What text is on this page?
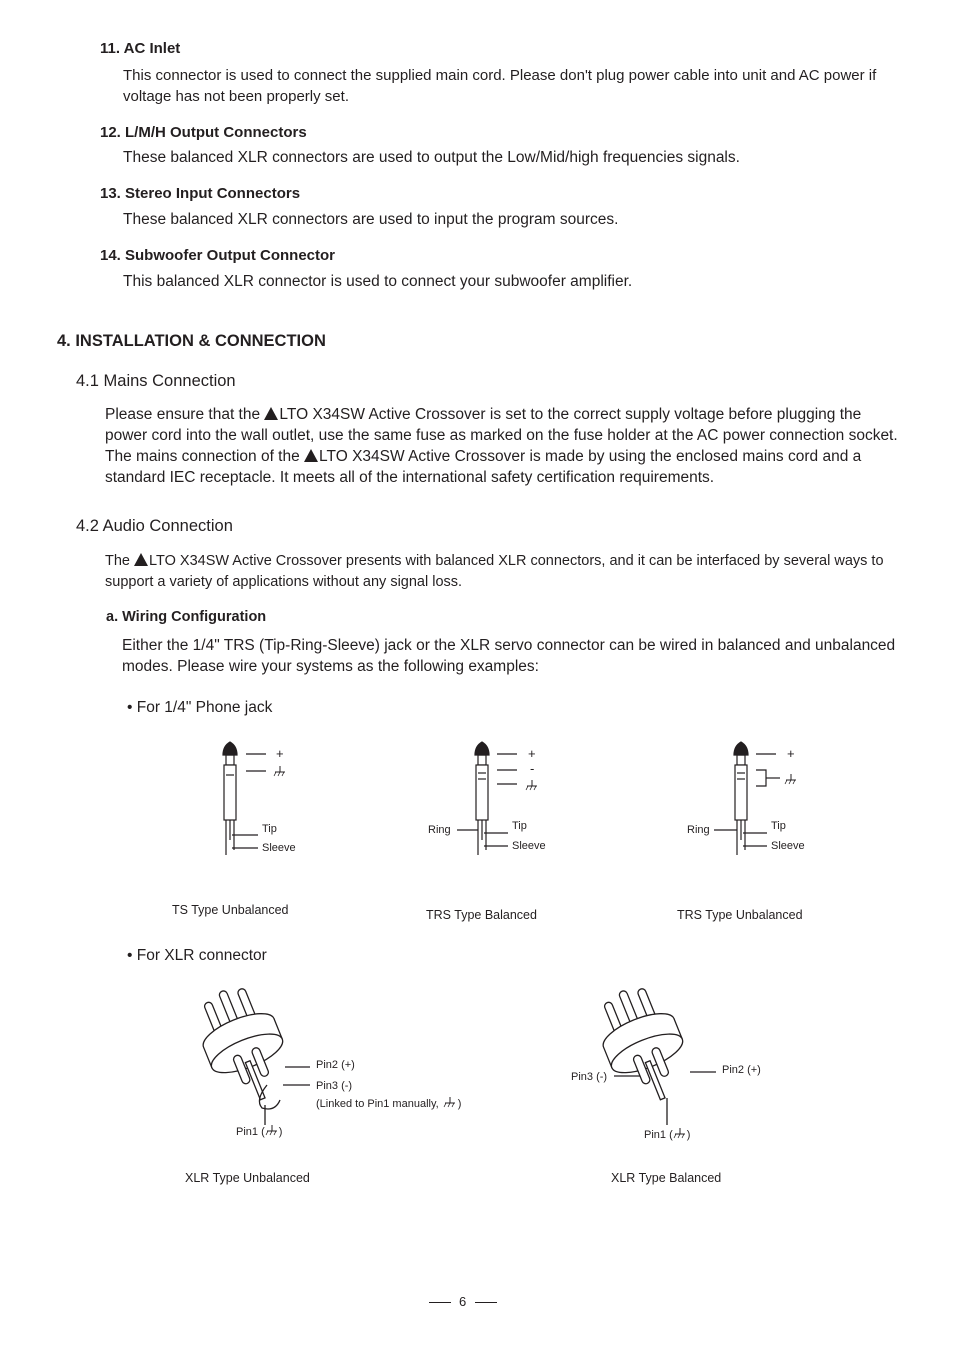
11. AC Inlet
This connector is used to connect the supplied main cord. Please don't plug power cable into unit and AC power if voltage has not been properly set.
12. L/M/H Output Connectors
These balanced XLR connectors are used to output the Low/Mid/high frequencies signals.
13. Stereo Input Connectors
These balanced XLR connectors are used to input the program sources.
14. Subwoofer Output Connector
This balanced XLR connector is used to connect your subwoofer amplifier.
4. INSTALLATION & CONNECTION
4.1 Mains Connection
Please ensure that the LTO X34SW Active Crossover is set to the correct supply voltage before plugging the power cord into the wall outlet, use the same fuse as marked on the fuse holder at the AC power connection socket. The mains connection of the LTO X34SW Active Crossover is made by using the enclosed mains cord and a standard IEC receptacle. It meets all of the international safety certification requirements.
4.2 Audio Connection
The LTO X34SW Active Crossover presents with balanced XLR connectors, and it can be interfaced by several ways to support a variety of applications without any signal loss.
a. Wiring Configuration
Either the 1/4" TRS (Tip-Ring-Sleeve) jack or the XLR servo connector can be wired in balanced and unbalanced modes. Please wire your systems as the following examples:
• For 1/4" Phone jack
+
Tip
Sleeve
TS Type Unbalanced
+
-
Ring	Tip
Sleeve
TRS Type Balanced
+
Ring	Tip
Sleeve
TRS Type Unbalanced
• For XLR connector
Pin2 (+)
Pin3 (-)
(Linked to Pin1 manually, )
Pin1 ( )
XLR Type Unbalanced
Pin3 (-)
Pin2 (+)
Pin1 ( )
XLR Type Balanced
6
